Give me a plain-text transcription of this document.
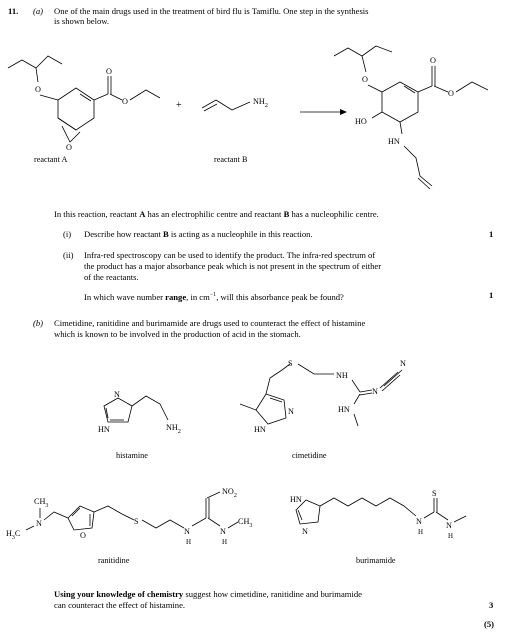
11. (a) One of the main drugs used in the treatment of bird flu is Tamiflu. One step in the synthesis
is shown below.
O
O
O
O
+	$NH_2$
O
O
O
HO
HN
reactant A	reactant B
In this reaction, reactant A has an electrophilic centre and reactant B has a nucleophilic centre.
(i) Describe how reactant B is acting as a nucleophile in this reaction.	1
(ii) Infra-red spectroscopy can be used to identify the product. The infra-red spectrum of
the product has a major absorbance peak which is not present in the spectrum of either
of the reactants.
In which wave number range, in $cm^{-1}$, will this absorbance peak be found?	1
(b) Cimetidine, ranitidine and burimamide are drugs used to counteract the effect of histamine
which is known to be involved in the production of acid in the stomach.
N
HN	$NH_2$
N
HN
S
NH
N
N
HN
$CH_3$
N
$H_3C$	O
S
N
H
$NO_2$
N
H
$CH_3$
HN
N
N
H
S
N
H
histamine	cimetidine
ranitidine	burimamide
Using your knowledge of chemistry suggest how cimetidine, ranitidine and burimamide
can counteract the effect of histamine.	3
(5)
